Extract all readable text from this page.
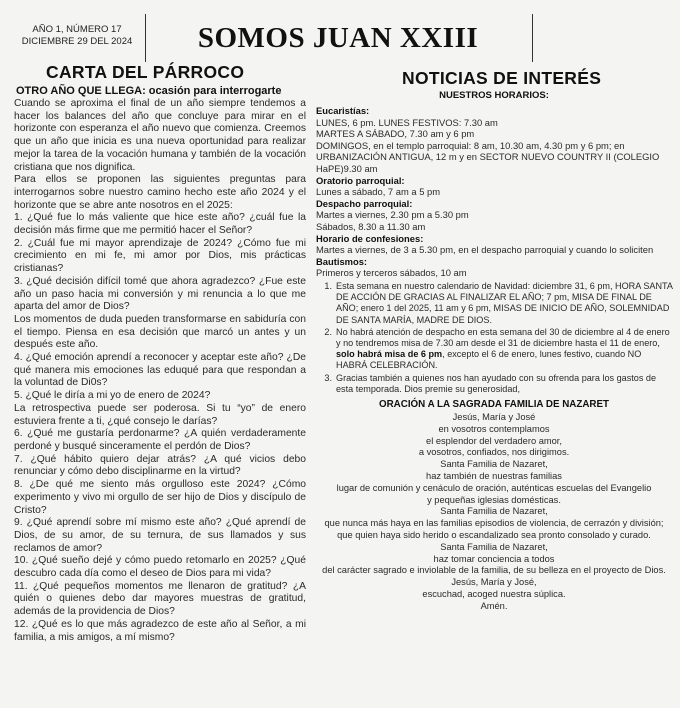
AÑO 1, NÚMERO 17
DICIEMBRE 29 DEL 2024	SOMOS JUAN XXIII
CARTA DEL PÁRROCO
OTRO AÑO QUE LLEGA: ocasión para interrogarte

Cuando se aproxima el final de un año siempre tendemos a hacer los balances del año que concluye para mirar en el horizonte con esperanza el año nuevo que comienza. Creemos que un año que inicia es una nueva oportunidad para realizar mejor la tarea de la vocación humana y también de la vocación cristiana que nos dignifica.

Para ellos se proponen las siguientes preguntas para interrogarnos sobre nuestro camino hecho este año 2024 y el horizonte que se abre ante nosotros en el 2025:

1. ¿Qué fue lo más valiente que hice este año? ¿cuál fue la decisión más firme que me permitió hacer el Señor?

2. ¿Cuál fue mi mayor aprendizaje de 2024? ¿Cómo fue mi crecimiento en mi fe, mi amor por Dios, mis prácticas cristianas?

3. ¿Qué decisión difícil tomé que ahora agradezco? ¿Fue este año un paso hacia mi conversión y mi renuncia a lo que me aparta del amor de Dios?

Los momentos de duda pueden transformarse en sabiduría con el tiempo. Piensa en esa decisión que marcó un antes y un después este año.

4. ¿Qué emoción aprendí a reconocer y aceptar este año? ¿De qué manera mis emociones las eduqué para que respondan a la voluntad de Di0s?

5. ¿Qué le diría a mi yo de enero de 2024?

La retrospectiva puede ser poderosa. Si tu “yo” de enero estuviera frente a ti, ¿qué consejo le darías?

6. ¿Qué me gustaría perdonarme? ¿A quién verdaderamente perdoné y busqué sinceramente el perdón de Dios?

7. ¿Qué hábito quiero dejar atrás? ¿A qué vicios debo renunciar y cómo debo disciplinarme en la virtud?

8. ¿De qué me siento más orgulloso este 2024? ¿Cómo experimento y vivo mi orgullo de ser hijo de Dios y discípulo de Cristo?

9. ¿Qué aprendí sobre mí mismo este año? ¿Qué aprendí de Dios, de su amor, de su ternura, de sus llamados y sus reclamos de amor?

10. ¿Qué sueño dejé y cómo puedo retomarlo en 2025? ¿Qué descubro cada día como el deseo de Dios para mi vida?

11. ¿Qué pequeños momentos me llenaron de gratitud? ¿A quién o quienes debo dar mayores muestras de gratitud, además de la providencia de Dios?

12. ¿Qué es lo que más agradezco de este año al Señor, a mi familia, a mis amigos, a mí mismo?

NOTICIAS DE INTERÉS
NUESTROS HORARIOS:

Eucaristías:

LUNES, 6 pm. LUNES FESTIVOS: 7.30 am

MARTES A SÁBADO, 7.30 am y 6 pm

DOMINGOS, en el templo parroquial: 8 am, 10.30 am, 4.30 pm y 6 pm; en URBANIZACIÓN ANTIGUA, 12 m y en SECTOR NUEVO COUNTRY II (COLEGIO HaPE)9.30 am

Oratorio parroquial:

Lunes a sábado, 7 am a 5 pm

Despacho parroquial:

Martes a viernes, 2.30 pm a 5.30 pm

Sábados, 8.30 a 11.30 am

Horario de confesiones:

Martes a viernes, de 3 a 5.30 pm, en el despacho parroquial y cuando lo soliciten

Bautismos:

Primeros y terceros sábados, 10 am

1. Esta semana en nuestro calendario de Navidad: diciembre 31, 6 pm, HORA SANTA DE ACCIÓN DE GRACIAS AL FINALIZAR EL AÑO; 7 pm, MISA DE FINAL DE AÑO; enero 1 del 2025, 11 am y 6 pm, MISAS DE INICIO DE AÑO, SOLEMNIDAD DE SANTA MARÍA, MADRE DE DIOS.
2. No habrá atención de despacho en esta semana del 30 de diciembre al 4 de enero y no tendremos misa de 7.30 am desde el 31 de diciembre hasta el 11 de enero, solo habrá misa de 6 pm, excepto el 6 de enero, lunes festivo, cuando NO HABRÁ CELEBRACIÓN.
3. Gracias también a quienes nos han ayudado con su ofrenda para los gastos de esta temporada. Dios premie su generosidad,
ORACIÓN A LA SAGRADA FAMILIA DE NAZARET
Jesús, María y José
en vosotros contemplamos
el esplendor del verdadero amor,
a vosotros, confiados, nos dirigimos.
Santa Familia de Nazaret,
haz también de nuestras familias
lugar de comunión y cenáculo de oración, auténticas escuelas del Evangelio
y pequeñas iglesias domésticas.
Santa Familia de Nazaret,
que nunca más haya en las familias episodios de violencia, de cerrazón y división;
que quien haya sido herido o escandalizado sea pronto consolado y curado.
Santa Familia de Nazaret,
haz tomar conciencia a todos
del carácter sagrado e inviolable de la familia, de su belleza en el proyecto de Dios.
Jesús, María y José,
escuchad, acoged nuestra súplica.
Amén.
